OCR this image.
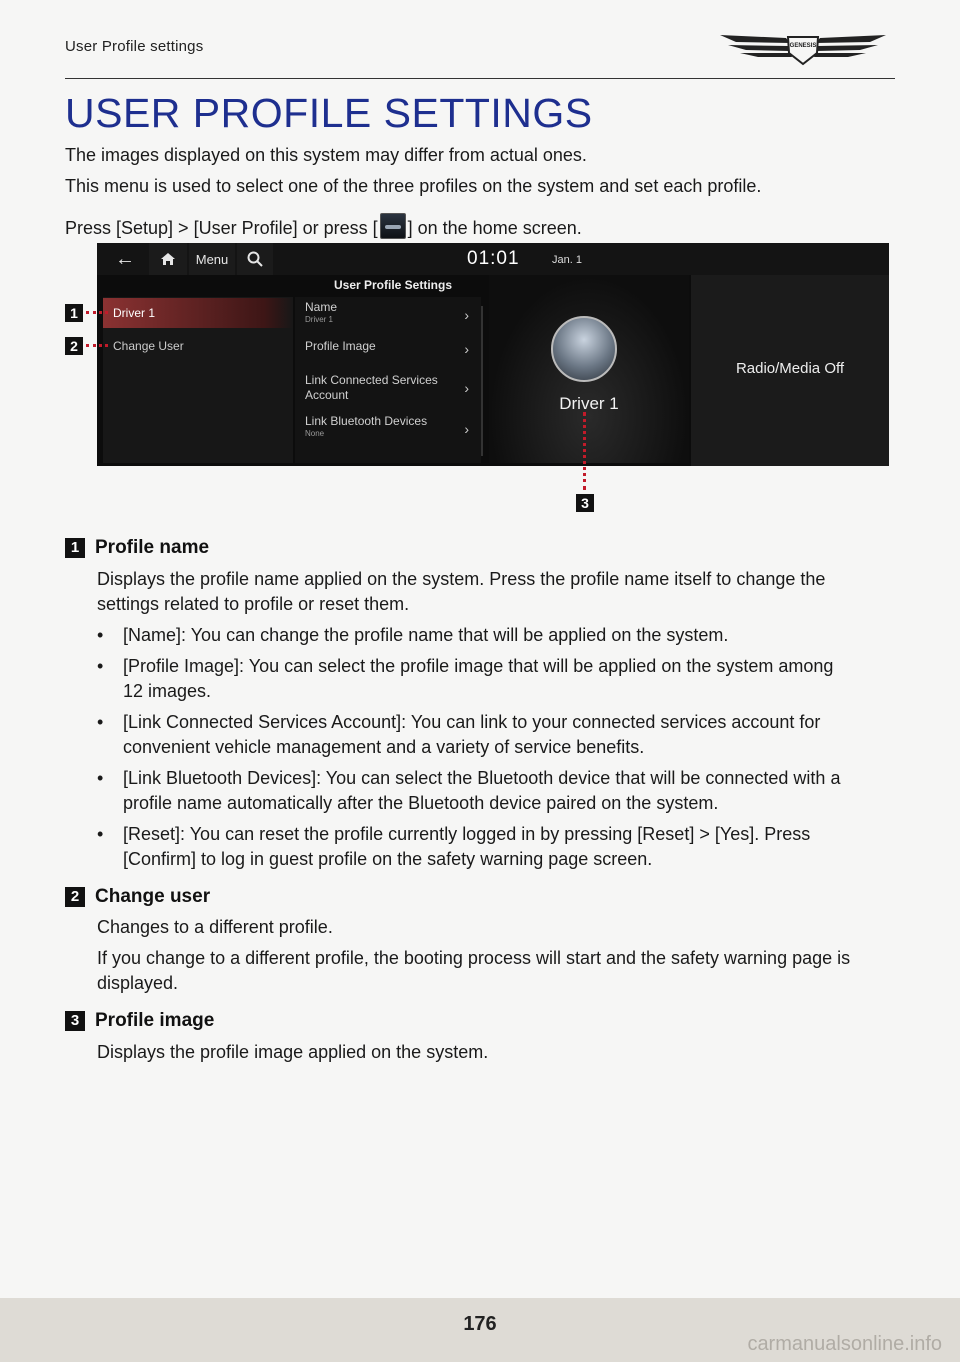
User Profile settings	GENESIS
USER PROFILE SETTINGS

The images displayed on this system may differ from actual ones.

This menu is used to select one of the three profiles on the system and set each profile.

Press [Setup] > [User Profile] or press [ ] on the home screen.

←	Menu	01:01	Jan. 1
User Profile Settings
Driver 1
Change User
Name
Driver 1	›
Profile Image	›
Link Connected Services Account	›
Link Bluetooth Devices
None	›
Driver 1
Radio/Media Off
1
2
3
1 Profile name

Displays the profile name applied on the system. Press the profile name itself to change the settings related to profile or reset them.

• [Name]: You can change the profile name that will be applied on the system.
• [Profile Image]: You can select the profile image that will be applied on the system among 12 images.
• [Link Connected Services Account]: You can link to your connected services account for convenient vehicle management and a variety of service benefits.
• [Link Bluetooth Devices]: You can select the Bluetooth device that will be connected with a profile name automatically after the Bluetooth device paired on the system.
• [Reset]: You can reset the profile currently logged in by pressing [Reset] > [Yes]. Press [Confirm] to log in guest profile on the safety warning page screen.
2 Change user

Changes to a different profile.

If you change to a different profile, the booting process will start and the safety warning page is displayed.

3 Profile image

Displays the profile image applied on the system.

176
carmanualsonline.info
